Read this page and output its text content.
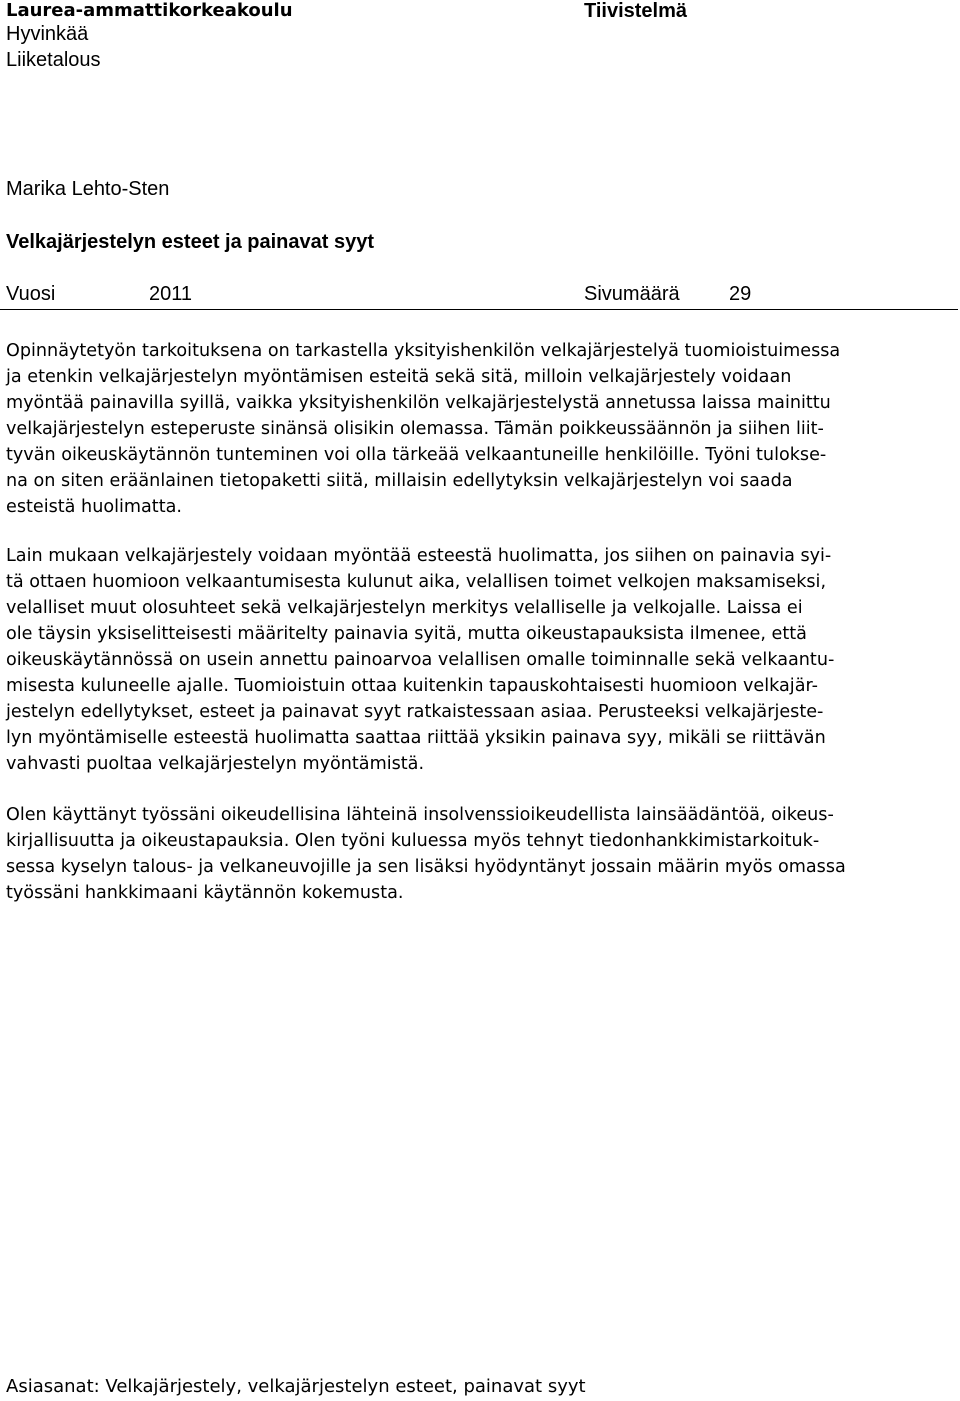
Laurea-ammattikorkeakoulu	Tiivistelmä
Hyvinkää
Liiketalous
Marika Lehto-Sten
Velkajärjestelyn esteet ja painavat syyt
Vuosi	2011	Sivumäärä 29

Opinnäytetyön tarkoituksena on tarkastella yksityishenkilön velkajärjestelyä tuomioistuimessa
ja etenkin velkajärjestelyn myöntämisen esteitä sekä sitä, milloin velkajärjestely voidaan
myöntää painavilla syillä, vaikka yksityishenkilön velkajärjestelystä annetussa laissa mainittu
velkajärjestelyn esteperuste sinänsä olisikin olemassa. Tämän poikkeussäännön ja siihen liit-
tyvän oikeuskäytännön tunteminen voi olla tärkeää velkaantuneille henkilöille. Työni tulokse-
na on siten eräänlainen tietopaketti siitä, millaisin edellytyksin velkajärjestelyn voi saada
esteistä huolimatta.

Lain mukaan velkajärjestely voidaan myöntää esteestä huolimatta, jos siihen on painavia syi-
tä ottaen huomioon velkaantumisesta kulunut aika, velallisen toimet velkojen maksamiseksi,
velalliset muut olosuhteet sekä velkajärjestelyn merkitys velalliselle ja velkojalle. Laissa ei
ole täysin yksiselitteisesti määritelty painavia syitä, mutta oikeustapauksista ilmenee, että
oikeuskäytännössä on usein annettu painoarvoa velallisen omalle toiminnalle sekä velkaantu-
misesta kuluneelle ajalle. Tuomioistuin ottaa kuitenkin tapauskohtaisesti huomioon velkajär-
jestelyn edellytykset, esteet ja painavat syyt ratkaistessaan asiaa. Perusteeksi velkajärjeste-
lyn myöntämiselle esteestä huolimatta saattaa riittää yksikin painava syy, mikäli se riittävän
vahvasti puoltaa velkajärjestelyn myöntämistä.

Olen käyttänyt työssäni oikeudellisina lähteinä insolvenssioikeudellista lainsäädäntöä, oikeus-
kirjallisuutta ja oikeustapauksia. Olen työni kuluessa myös tehnyt tiedonhankkimistarkoituk-
sessa kyselyn talous- ja velkaneuvojille ja sen lisäksi hyödyntänyt jossain määrin myös omassa
työssäni hankkimaani käytännön kokemusta.

Asiasanat: Velkajärjestely, velkajärjestelyn esteet, painavat syyt
